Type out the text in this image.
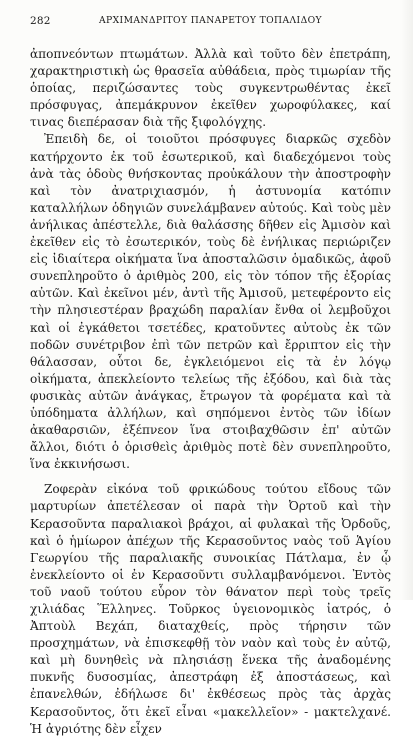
282	ΑΡΧΙΜΑΝΔΡΙΤΟΥ ΠΑΝΑΡΕΤΟΥ ΤΟΠΑΛΙΔΟΥ

ἀποπνεόντων πτωμάτων. Ἀλλὰ καὶ τοῦτο δὲν ἐπετράπη, χαρακτηριστικὴ ὡς θρασεῖα αὐθάδεια, πρὸς τιμωρίαν τῆς ὁποίας, περιζώσαντες τοὺς συγκεντρωθέντας ἐκεῖ πρόσφυγας, ἀπεμάκρυνον ἐκεῖθεν χωροφύλακες, καί τινας διεπέρασαν διὰ τῆς ξιφολόγχης.

Ἐπειδὴ δε, οἱ τοιοῦτοι πρόσφυγες διαρκῶς σχεδὸν κατήρχοντο ἐκ τοῦ ἐσωτερικοῦ, καὶ διαδεχόμενοι τοὺς ἀνὰ τὰς ὁδοὺς θνήσκοντας προὐκάλουν τὴν ἀποστροφὴν καὶ τὸν ἀνατριχιασμόν, ἡ ἀστυνομία κατόπιν καταλλήλων ὁδηγιῶν συνελάμβανεν αὐτούς. Καὶ τοὺς μὲν ἀνήλικας ἀπέστελλε, διὰ θαλάσσης δῆθεν εἰς Ἀμισὸν καὶ ἐκεῖθεν εἰς τὸ ἐσωτερικόν, τοὺς δὲ ἐνήλικας περιώριζεν εἰς ἰδιαίτερα οἰκήματα ἵνα ἀποσταλῶσιν ὁμαδικῶς, ἀφοῦ συνεπληροῦτο ὁ ἀριθμὸς 200, εἰς τὸν τόπον τῆς ἐξορίας αὐτῶν. Καὶ ἐκεῖνοι μέν, ἀντὶ τῆς Ἀμισοῦ, μετεφέροντο εἰς τὴν πλησιεστέραν βραχώδη παραλίαν ἔνθα οἱ λεμβοῦχοι καὶ οἱ ἐγκάθετοι τσετέδες, κρατοῦντες αὐτοὺς ἐκ τῶν ποδῶν συνέτριβον ἐπὶ τῶν πετρῶν καὶ ἔρριπτον εἰς τὴν θάλασσαν, οὗτοι δε, ἐγκλειόμενοι εἰς τὰ ἐν λόγῳ οἰκήματα, ἀπεκλείοντο τελείως τῆς ἐξόδου, καὶ διὰ τὰς φυσικὰς αὐτῶν ἀνάγκας, ἔτρωγον τὰ φορέματα καὶ τὰ ὑπόδηματα ἀλλήλων, καὶ σηπόμενοι ἐντὸς τῶν ἰδίων ἀκαθαρσιῶν, ἐξέπνεον ἵνα στοιβαχθῶσιν ἐπ' αὐτῶν ἄλλοι, διότι ὁ ὁρισθεὶς ἀριθμὸς ποτὲ δὲν συνεπληροῦτο, ἵνα ἐκκινήσωσι.

Ζοφερὰν εἰκόνα τοῦ φρικώδους τούτου εἴδους τῶν μαρτυρίων ἀπετέλεσαν οἱ παρὰ τὴν Ὀρτοῦ καὶ τὴν Κερασοῦντα παραλιακοὶ βράχοι, αἱ φυλακαὶ τῆς Ὀρδοῦς, καὶ ὁ ἡμίωρον ἀπέχων τῆς Κερασοῦντος ναὸς τοῦ Ἁγίου Γεωργίου τῆς παραλιακῆς συνοικίας Πάτλαμα, ἐν ᾧ ἐνεκλείοντο οἱ ἐν Κερασοῦντι συλλαμβανόμενοι. Ἐντὸς τοῦ ναοῦ τούτου εὗρον τὸν θάνατον περὶ τοὺς τρεῖς χιλιάδας Ἕλληνες. Τοῦρκος ὑγειονομικὸς ἰατρός, ὁ Ἀπτοὺλ Βεχάπ, διαταχθείς, πρὸς τήρησιν τῶν προσχημάτων, νὰ ἐπισκεφθῇ τὸν ναὸν καὶ τοὺς ἐν αὐτῷ, καὶ μὴ δυνηθεὶς νὰ πλησιάσῃ ἕνεκα τῆς ἀναδομένης πυκνῆς δυσοσμίας, ἀπεστράφη ἐξ ἀποστάσεως, καὶ ἐπανελθών, ἐδήλωσε δι' ἐκθέσεως πρὸς τὰς ἀρχὰς Κερασοῦντος, ὅτι ἐκεῖ εἶναι «μακελλεῖον» - μακτελχανέ. Ἡ ἀγριότης δὲν εἶχεν
